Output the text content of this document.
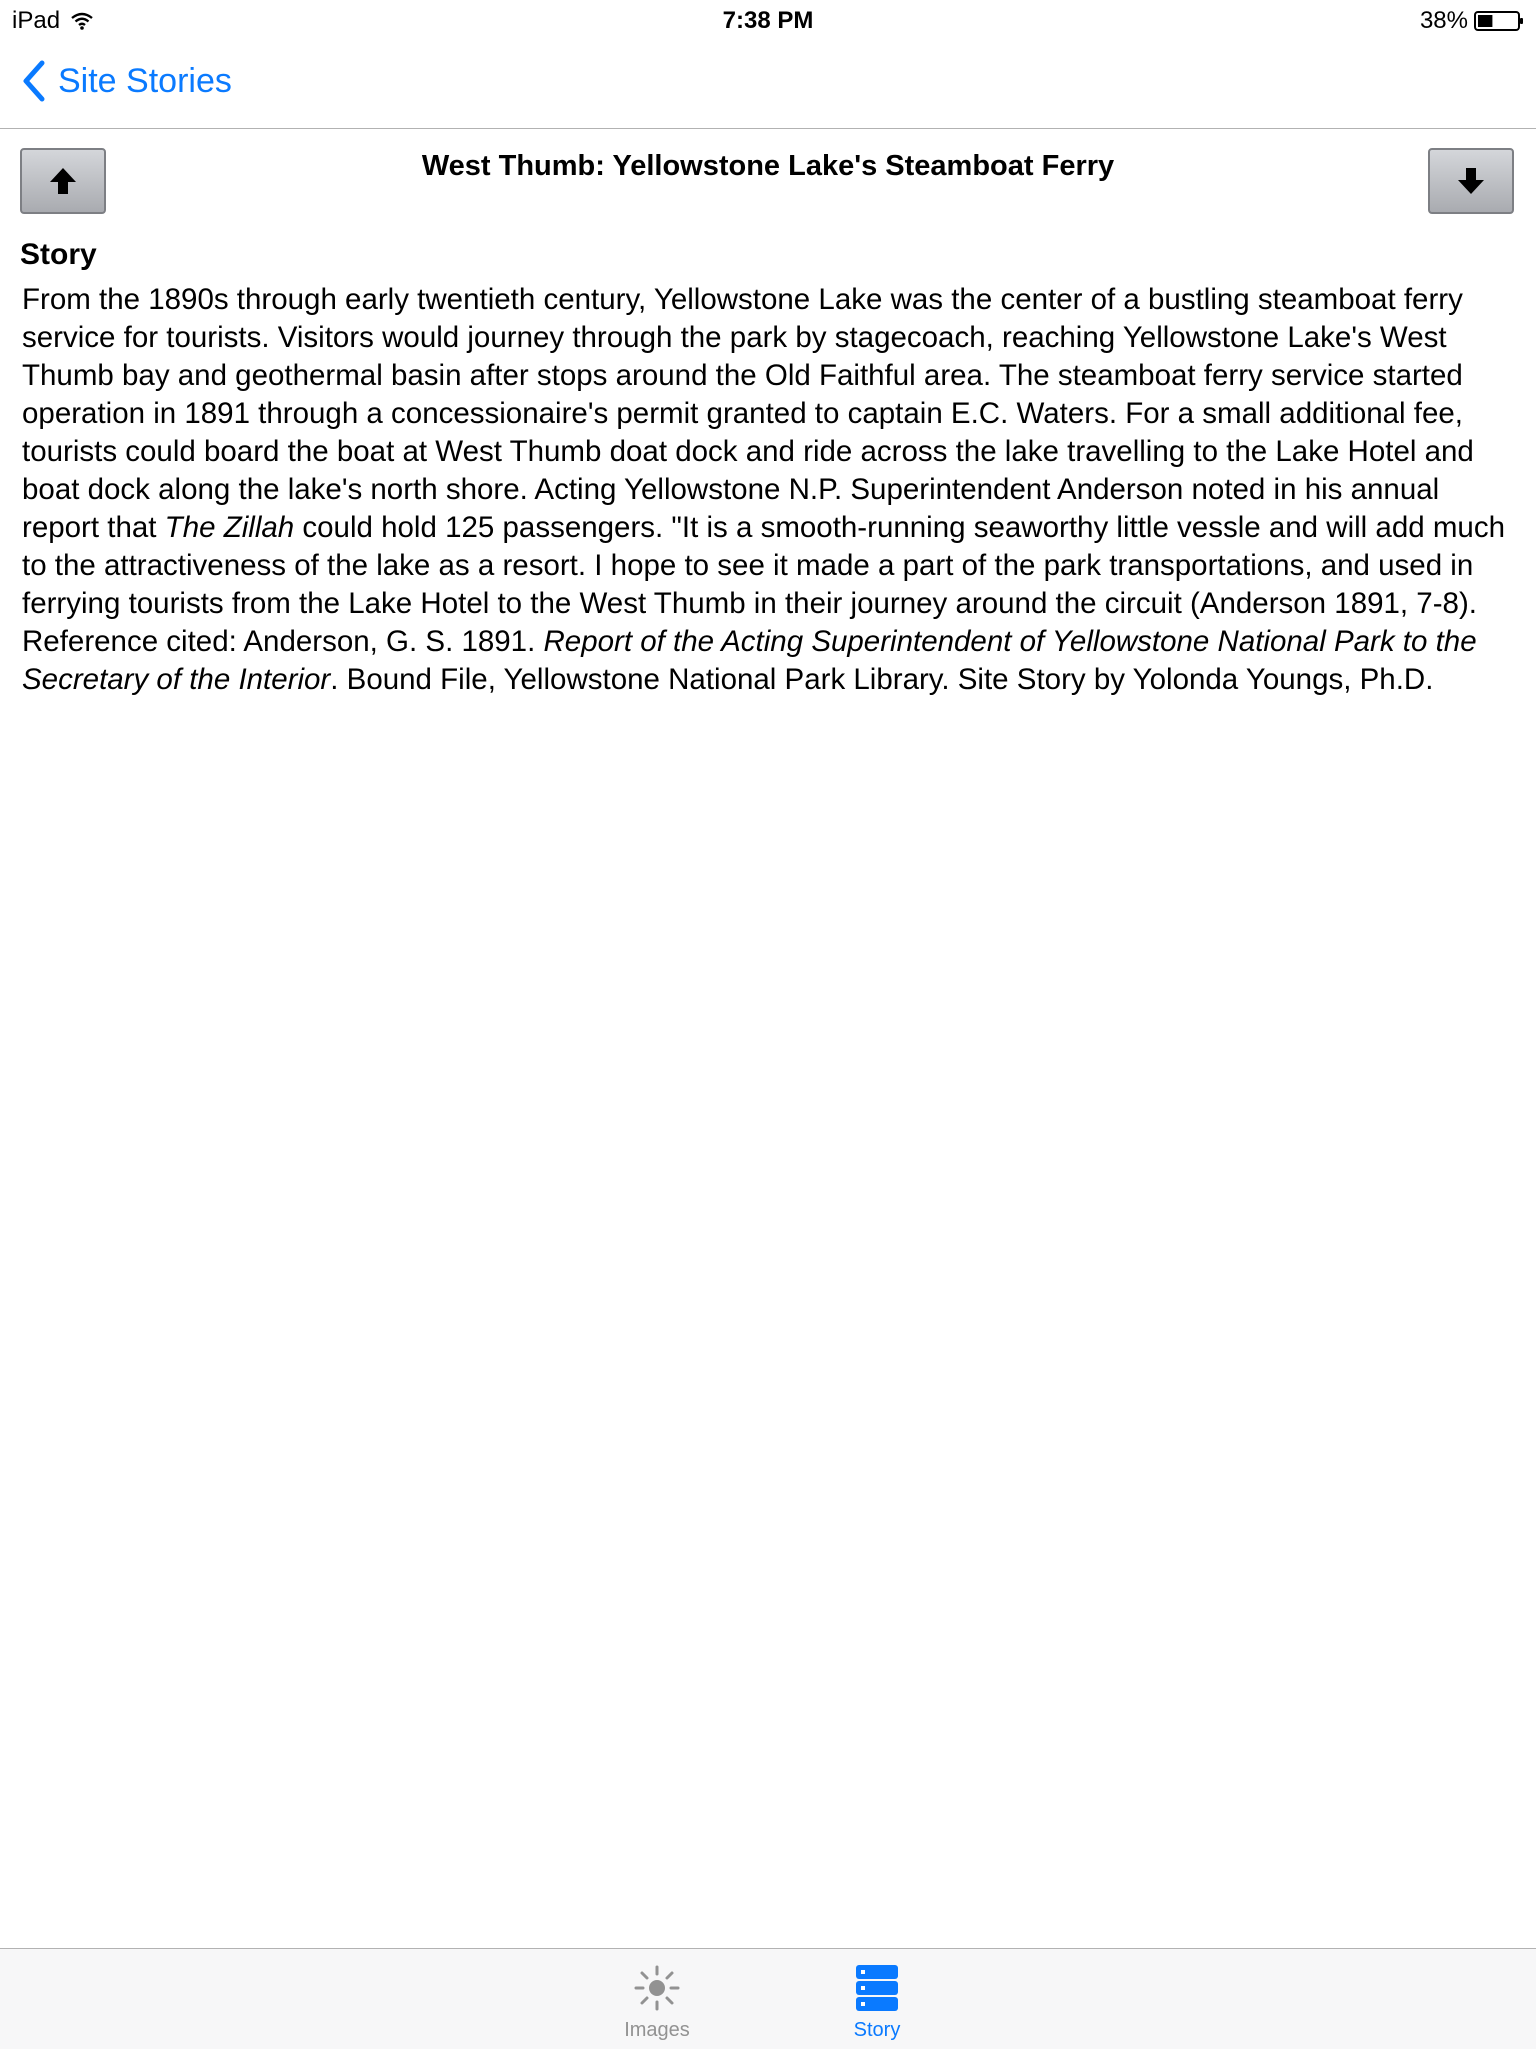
iPad	7:38 PM	38%
Site Stories
West Thumb: Yellowstone Lake's Steamboat Ferry
Story

From the 1890s through early twentieth century, Yellowstone Lake was the center of a bustling steamboat ferry service for tourists. Visitors would journey through the park by stagecoach, reaching Yellowstone Lake's West Thumb bay and geothermal basin after stops around the Old Faithful area. The steamboat ferry service started operation in 1891 through a concessionaire's permit granted to captain E.C. Waters. For a small additional fee, tourists could board the boat at West Thumb doat dock and ride across the lake travelling to the Lake Hotel and boat dock along the lake's north shore. Acting Yellowstone N.P. Superintendent Anderson noted in his annual report that The Zillah could hold 125 passengers. "It is a smooth-running seaworthy little vessle and will add much to the attractiveness of the lake as a resort. I hope to see it made a part of the park transportations, and used in ferrying tourists from the Lake Hotel to the West Thumb in their journey around the circuit (Anderson 1891, 7-8). Reference cited: Anderson, G. S. 1891. Report of the Acting Superintendent of Yellowstone National Park to the Secretary of the Interior. Bound File, Yellowstone National Park Library. Site Story by Yolonda Youngs, Ph.D.

Images	Story
